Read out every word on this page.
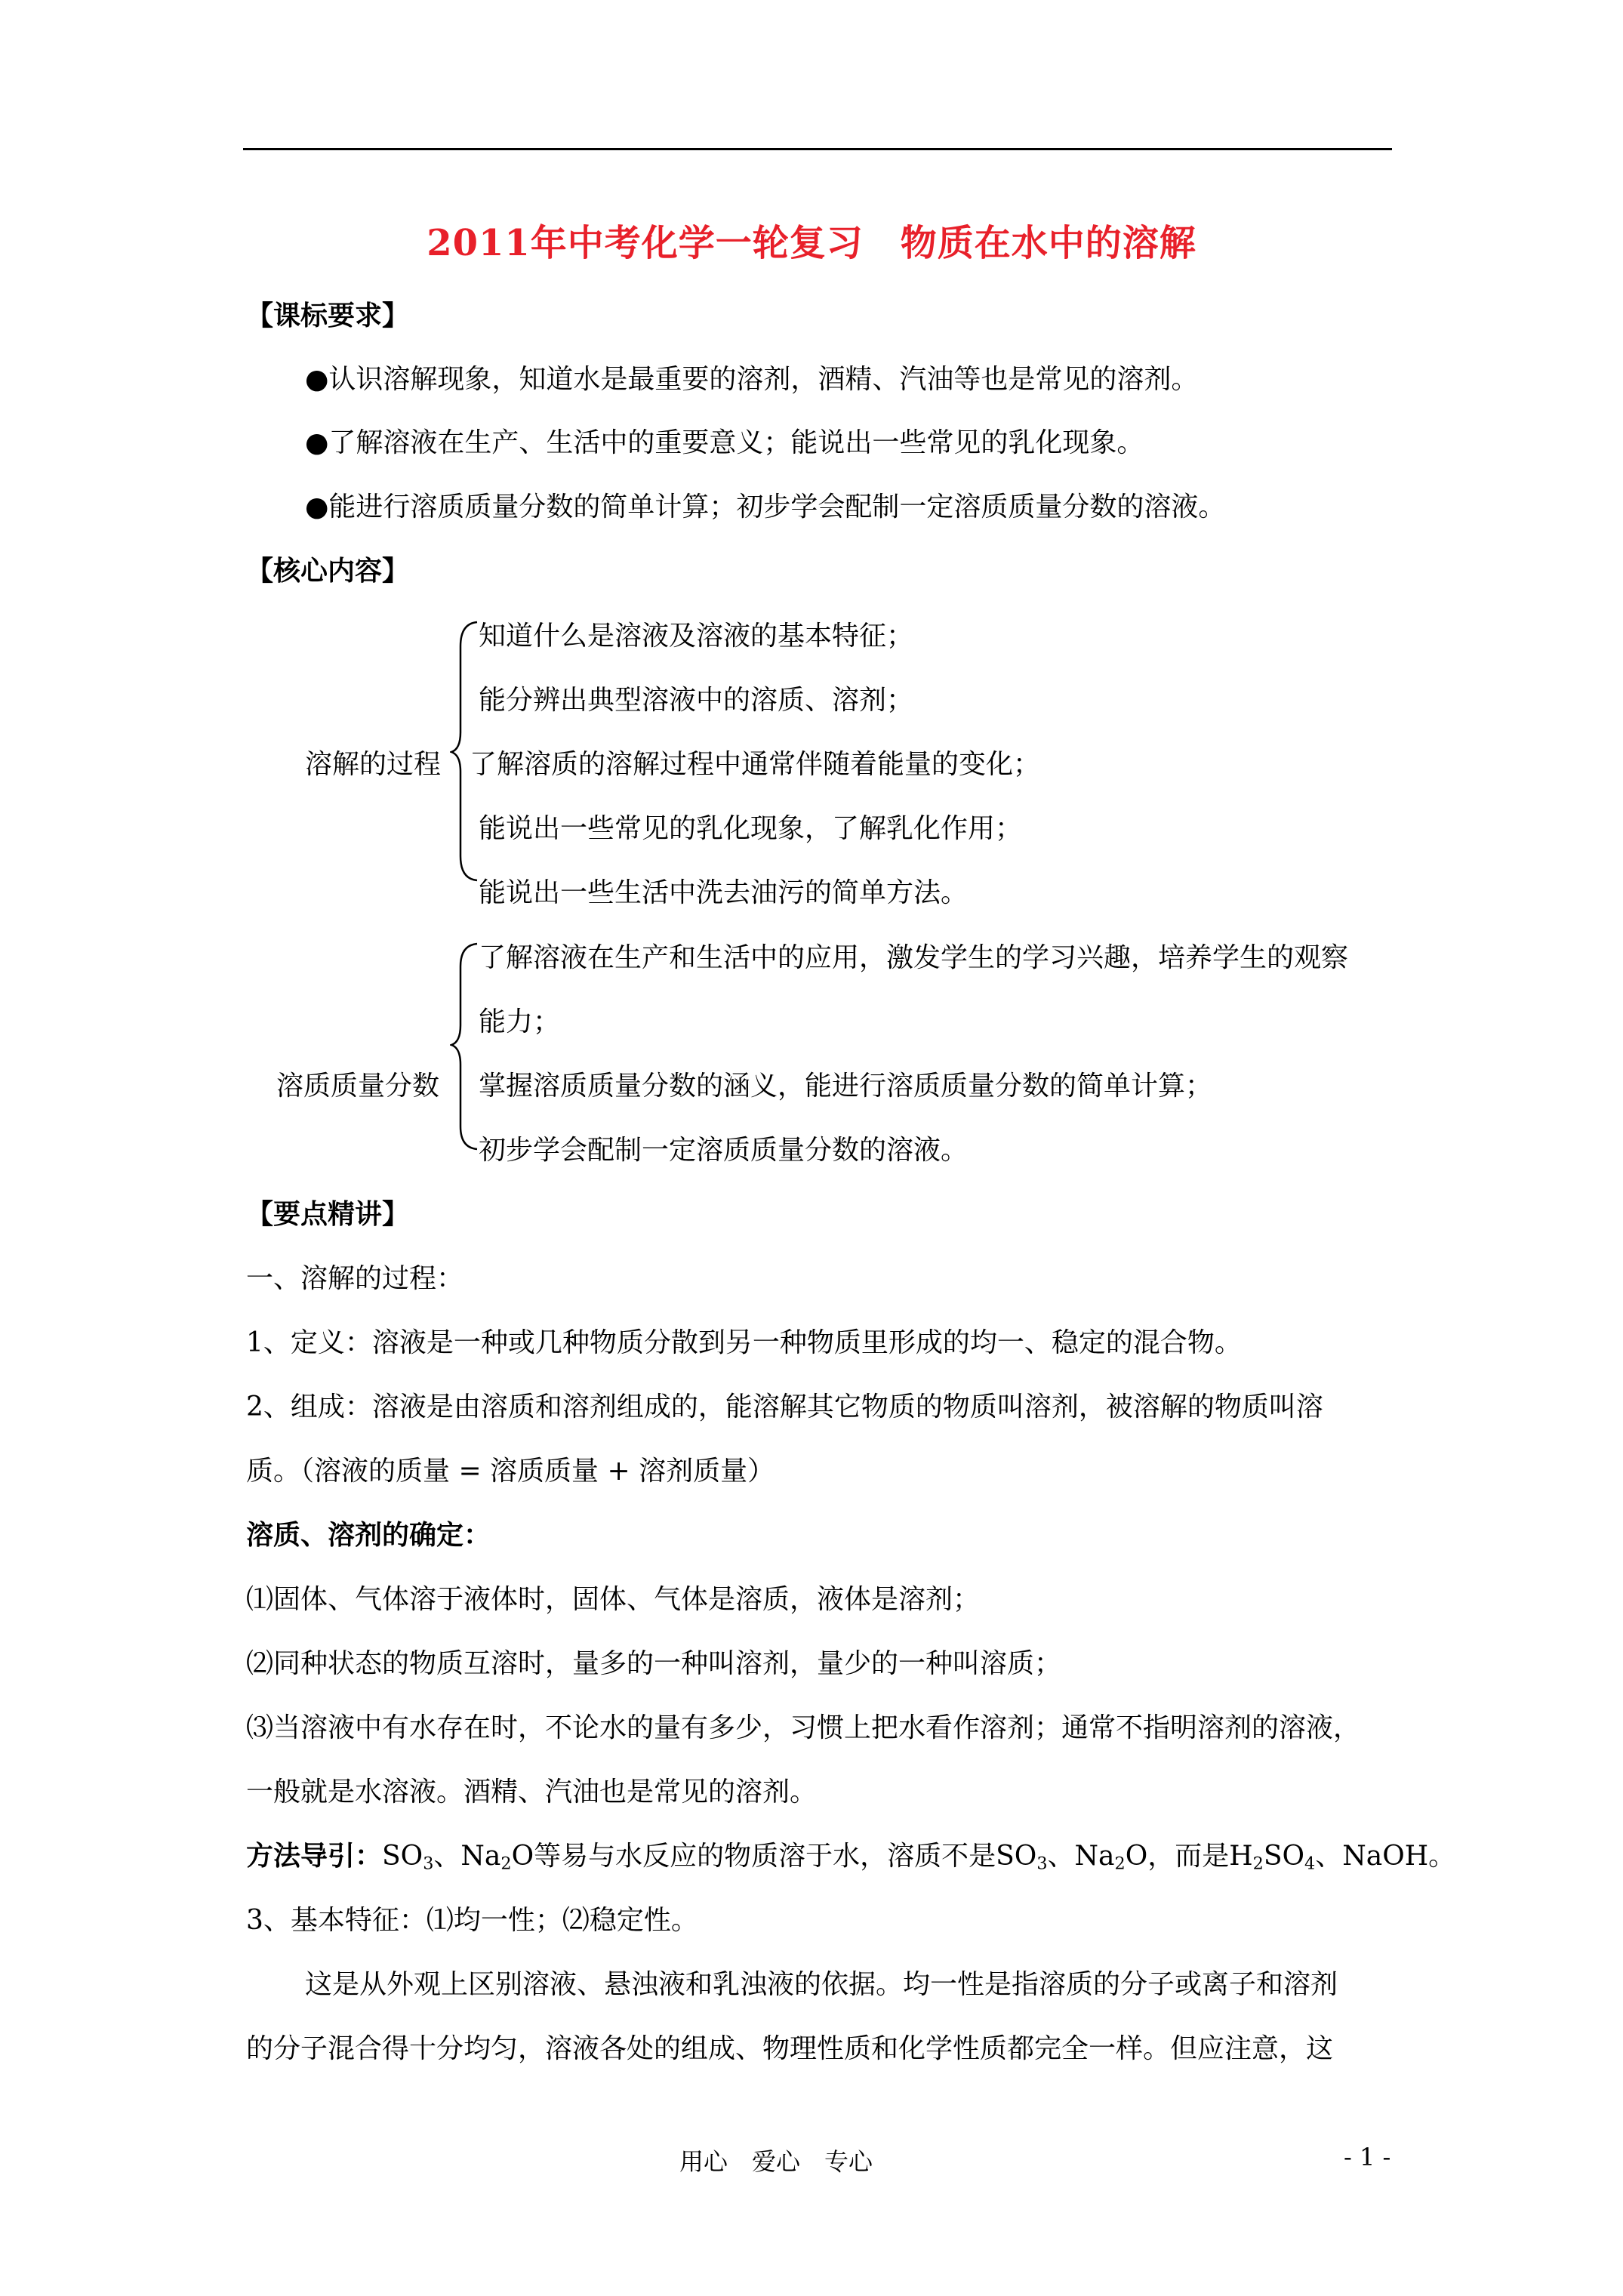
2011年中考化学一轮复习　物质在水中的溶解
【课标要求】
●认识溶解现象，知道水是最重要的溶剂，酒精、汽油等也是常见的溶剂。
●了解溶液在生产、生活中的重要意义；能说出一些常见的乳化现象。
●能进行溶质质量分数的简单计算；初步学会配制一定溶质质量分数的溶液。
【核心内容】
溶解的过程
知道什么是溶液及溶液的基本特征；
能分辨出典型溶液中的溶质、溶剂；
了解溶质的溶解过程中通常伴随着能量的变化；
能说出一些常见的乳化现象，了解乳化作用；
能说出一些生活中洗去油污的简单方法。
溶质质量分数
了解溶液在生产和生活中的应用，激发学生的学习兴趣，培养学生的观察
能力；
掌握溶质质量分数的涵义，能进行溶质质量分数的简单计算；
初步学会配制一定溶质质量分数的溶液。
【要点精讲】
一、溶解的过程：
1、定义：溶液是一种或几种物质分散到另一种物质里形成的均一、稳定的混合物。
2、组成：溶液是由溶质和溶剂组成的，能溶解其它物质的物质叫溶剂，被溶解的物质叫溶
质。（溶液的质量 = 溶质质量 + 溶剂质量）
溶质、溶剂的确定：
⑴固体、气体溶于液体时，固体、气体是溶质，液体是溶剂；
⑵同种状态的物质互溶时，量多的一种叫溶剂，量少的一种叫溶质；
⑶当溶液中有水存在时，不论水的量有多少，习惯上把水看作溶剂；通常不指明溶剂的溶液，
一般就是水溶液。酒精、汽油也是常见的溶剂。
方法导引：$SO_3$、$Na_2O$等易与水反应的物质溶于水，溶质不是$SO_3$、$Na_2O$，而是$H_2SO_4$、NaOH。
3、基本特征：⑴均一性；⑵稳定性。
这是从外观上区别溶液、悬浊液和乳浊液的依据。均一性是指溶质的分子或离子和溶剂
的分子混合得十分均匀，溶液各处的组成、物理性质和化学性质都完全一样。但应注意，这
用心　爱心　专心	- 1 -
